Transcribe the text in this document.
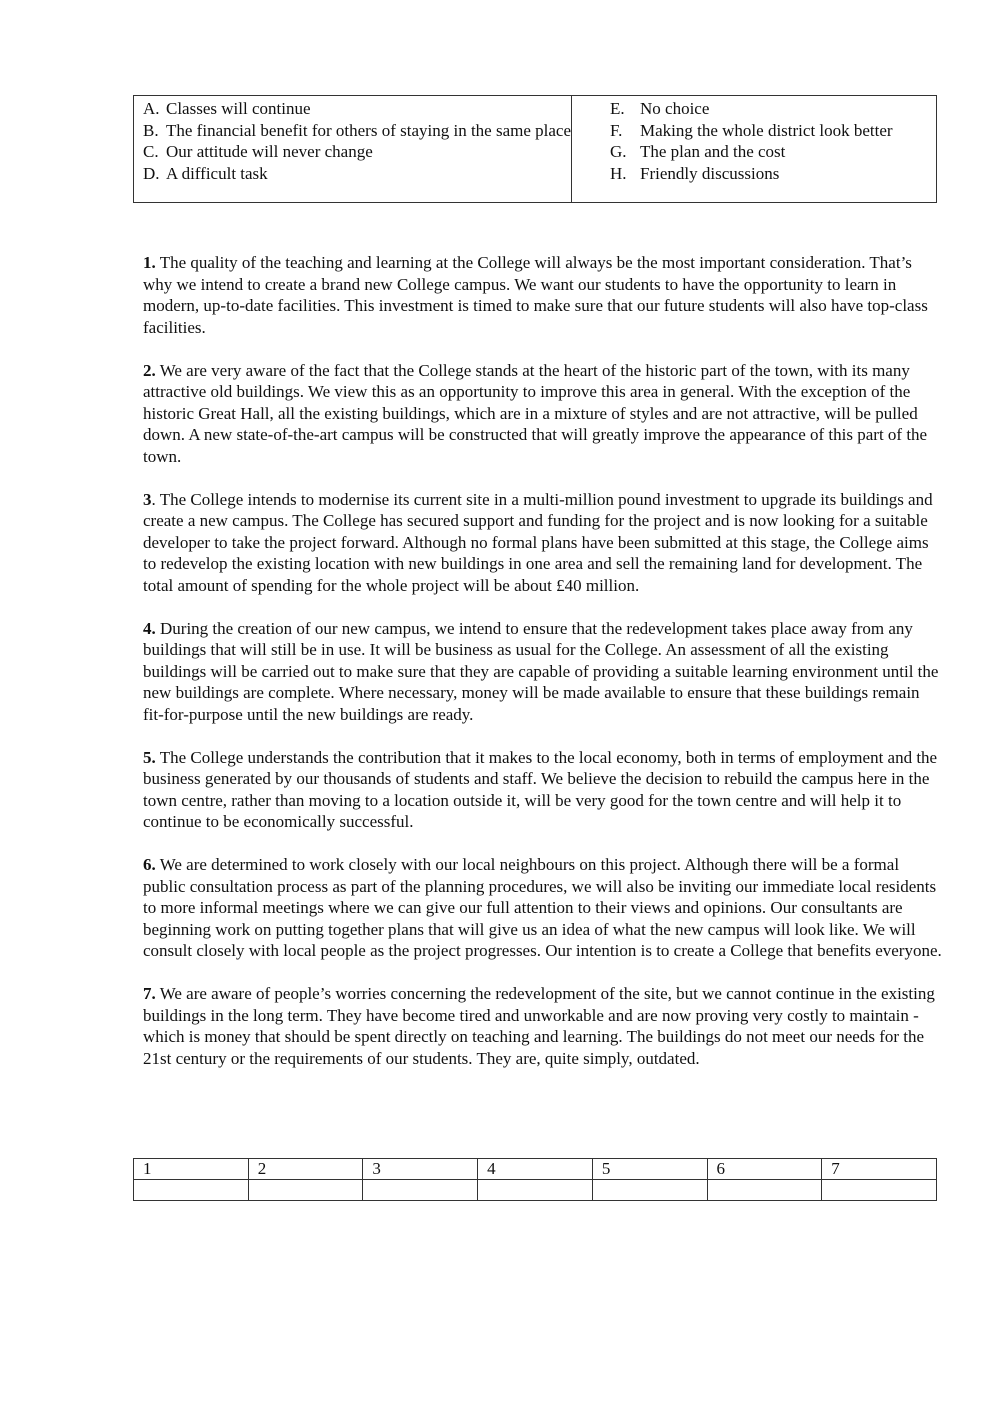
A. Classes will continue
B. The financial benefit for others of staying in the same place
C. Our attitude will never change
D. A difficult task
E. No choice
F.	Making the whole district look better
G. The plan and the cost
H. Friendly discussions

1. The quality of the teaching and learning at the College will always be the most important consideration. That’s why we intend to create a brand new College campus. We want our students to have the opportunity to learn in modern, up-to-date facilities. This investment is timed to make sure that our future students will also have top-class facilities.

2. We are very aware of the fact that the College stands at the heart of the historic part of the town, with its many attractive old buildings. We view this as an opportunity to improve this area in general. With the exception of the historic Great Hall, all the existing buildings, which are in a mixture of styles and are not attractive, will be pulled down. A new state-of-the-art campus will be constructed that will greatly improve the appearance of this part of the town.

3. The College intends to modernise its current site in a multi-million pound investment to upgrade its buildings and create a new campus. The College has secured support and funding for the project and is now looking for a suitable developer to take the project forward. Although no formal plans have been submitted at this stage, the College aims to redevelop the existing location with new buildings in one area and sell the remaining land for development. The total amount of spending for the whole project will be about £40 million.

4. During the creation of our new campus, we intend to ensure that the redevelopment takes place away from any buildings that will still be in use. It will be business as usual for the College. An assessment of all the existing buildings will be carried out to make sure that they are capable of providing a suitable learning environment until the new buildings are complete. Where necessary, money will be made available to ensure that these buildings remain fit-for-purpose until the new buildings are ready.

5. The College understands the contribution that it makes to the local economy, both in terms of employment and the business generated by our thousands of students and staff. We believe the decision to rebuild the campus here in the town centre, rather than moving to a location outside it, will be very good for the town centre and will help it to continue to be economically successful.

6. We are determined to work closely with our local neighbours on this project. Although there will be a formal public consultation process as part of the planning procedures, we will also be inviting our immediate local residents to more informal meetings where we can give our full attention to their views and opinions. Our consultants are beginning work on putting together plans that will give us an idea of what the new campus will look like. We will consult closely with local people as the project progresses. Our intention is to create a College that benefits everyone.

7. We are aware of people’s worries concerning the redevelopment of the site, but we cannot continue in the existing buildings in the long term. They have become tired and unworkable and are now proving very costly to maintain - which is money that should be spent directly on teaching and learning. The buildings do not meet our needs for the 21st century or the requirements of our students. They are, quite simply, outdated.

1	2	3	4	5	6	7
